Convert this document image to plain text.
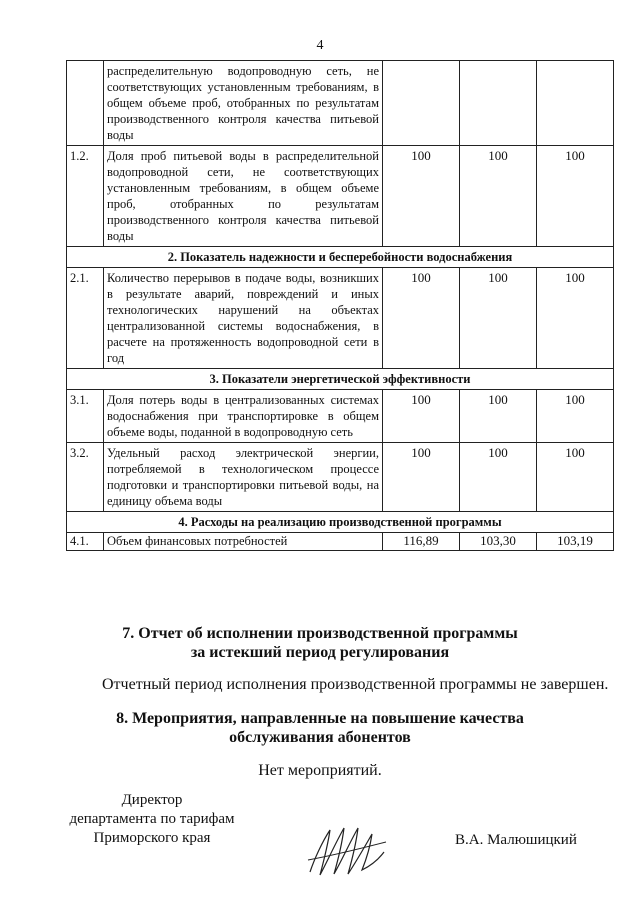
4
	распределительную водопроводную сеть, не соответствующих установленным требованиям, в общем объеме проб, отобранных по результатам производственного контроля качества питьевой воды			
1.2.	Доля проб питьевой воды в распределительной водопроводной сети, не соответствующих установленным требованиям, в общем объеме проб, отобранных по результатам производственного контроля качества питьевой воды	100	100	100
2. Показатель надежности и бесперебойности водоснабжения				
2.1.	Количество перерывов в подаче воды, возникших в результате аварий, повреждений и иных технологических нарушений на объектах централизованной системы водоснабжения, в расчете на протяженность водопроводной сети в год	100	100	100
3. Показатели энергетической эффективности				
3.1.	Доля потерь воды в централизованных системах водоснабжения при транспортировке в общем объеме воды, поданной в водопроводную сеть	100	100	100
3.2.	Удельный расход электрической энергии, потребляемой в технологическом процессе подготовки и транспортировки питьевой воды, на единицу объема воды	100	100	100
4. Расходы на реализацию производственной программы				
4.1.	Объем финансовых потребностей	116,89	103,30	103,19
7. Отчет об исполнении производственной программы
за истекший период регулирования
Отчетный период исполнения производственной программы не завершен.
8. Мероприятия, направленные на повышение качества
обслуживания абонентов
Нет мероприятий.
Директор
департамента по тарифам
Приморского края	В.А. Малюшицкий
